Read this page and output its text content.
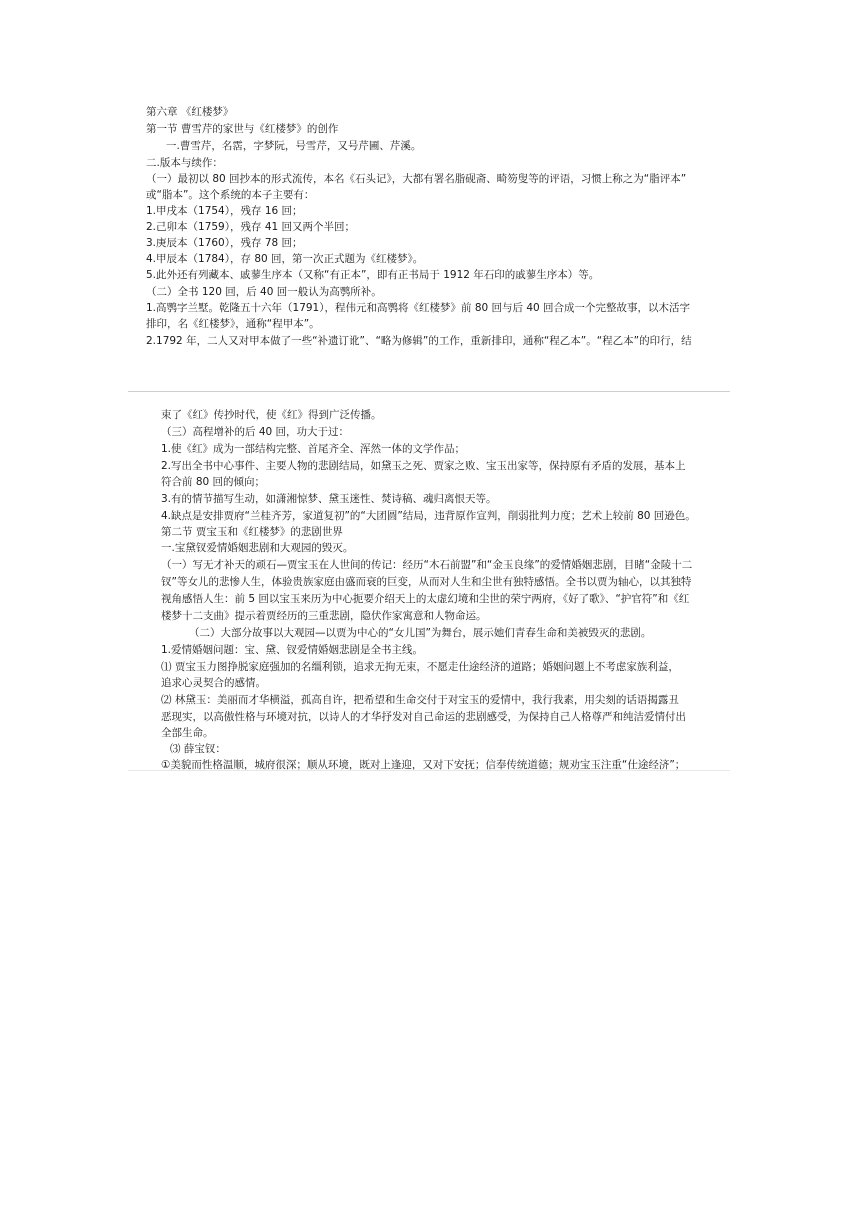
第六章 《红楼梦》
第一节 曹雪芹的家世与《红楼梦》的创作
一.曹雪芹，名霑，字梦阮，号雪芹，又号芹圃、芹溪。
二.版本与续作：
（一）最初以 80 回抄本的形式流传，本名《石头记》，大都有署名脂砚斋、畸笏叟等的评语，习惯上称之为“脂评本”
或“脂本”。这个系统的本子主要有：
1.甲戌本（1754），残存 16 回；
2.己卯本（1759），残存 41 回又两个半回；
3.庚辰本（1760），残存 78 回；
4.甲辰本（1784），存 80 回，第一次正式题为《红楼梦》。
5.此外还有列藏本、戚蓼生序本（又称“有正本”，即有正书局于 1912 年石印的戚蓼生序本）等。
（二）全书 120 回，后 40 回一般认为高鹗所补。
1.高鹗字兰墅。乾隆五十六年（1791），程伟元和高鹗将《红楼梦》前 80 回与后 40 回合成一个完整故事，以木活字
排印，名《红楼梦》，通称“程甲本”。
2.1792 年，二人又对甲本做了一些“补遗订讹”、“略为修辑”的工作，重新排印，通称“程乙本”。“程乙本”的印行，结
束了《红》传抄时代，使《红》得到广泛传播。
（三）高程增补的后 40 回，功大于过：
1.使《红》成为一部结构完整、首尾齐全、浑然一体的文学作品；
2.写出全书中心事件、主要人物的悲剧结局，如黛玉之死、贾家之败、宝玉出家等，保持原有矛盾的发展，基本上
符合前 80 回的倾向；
3.有的情节描写生动，如潇湘惊梦、黛玉迷性、焚诗稿、魂归离恨天等。
4.缺点是安排贾府“兰桂齐芳，家道复初”的“大团圆”结局，违背原作宣判，削弱批判力度；艺术上较前 80 回逊色。
第二节 贾宝玉和《红楼梦》的悲剧世界
一.宝黛钗爱情婚姻悲剧和大观园的毁灭。
（一）写无才补天的顽石—贾宝玉在人世间的传记：经历“木石前盟”和“金玉良缘”的爱情婚姻悲剧，目睹“金陵十二
钗”等女儿的悲惨人生，体验贵族家庭由盛而衰的巨变，从而对人生和尘世有独特感悟。全书以贾为轴心，以其独特
视角感悟人生：前 5 回以宝玉来历为中心扼要介绍天上的太虚幻境和尘世的荣宁两府，《好了歌》、“护官符”和《红
楼梦十二支曲》提示着贾经历的三重悲剧，隐伏作家寓意和人物命运。
（二）大部分故事以大观园—以贾为中心的“女儿国”为舞台，展示她们青春生命和美被毁灭的悲剧。
1.爱情婚姻问题：宝、黛、钗爱情婚姻悲剧是全书主线。
⑴ 贾宝玉力图挣脱家庭强加的名缰利锁，追求无拘无束，不愿走仕途经济的道路；婚姻问题上不考虑家族利益，
追求心灵契合的感情。
⑵ 林黛玉：美丽而才华横溢，孤高自许，把希望和生命交付于对宝玉的爱情中，我行我素，用尖刻的话语揭露丑
恶现实，以高傲性格与环境对抗，以诗人的才华抒发对自己命运的悲剧感受，为保持自己人格尊严和纯洁爱情付出
全部生命。
⑶ 薛宝钗：
①美貌而性格温顺，城府很深；顺从环境，既对上逢迎，又对下安抚；信奉传统道德；规劝宝玉注重“仕途经济”；
